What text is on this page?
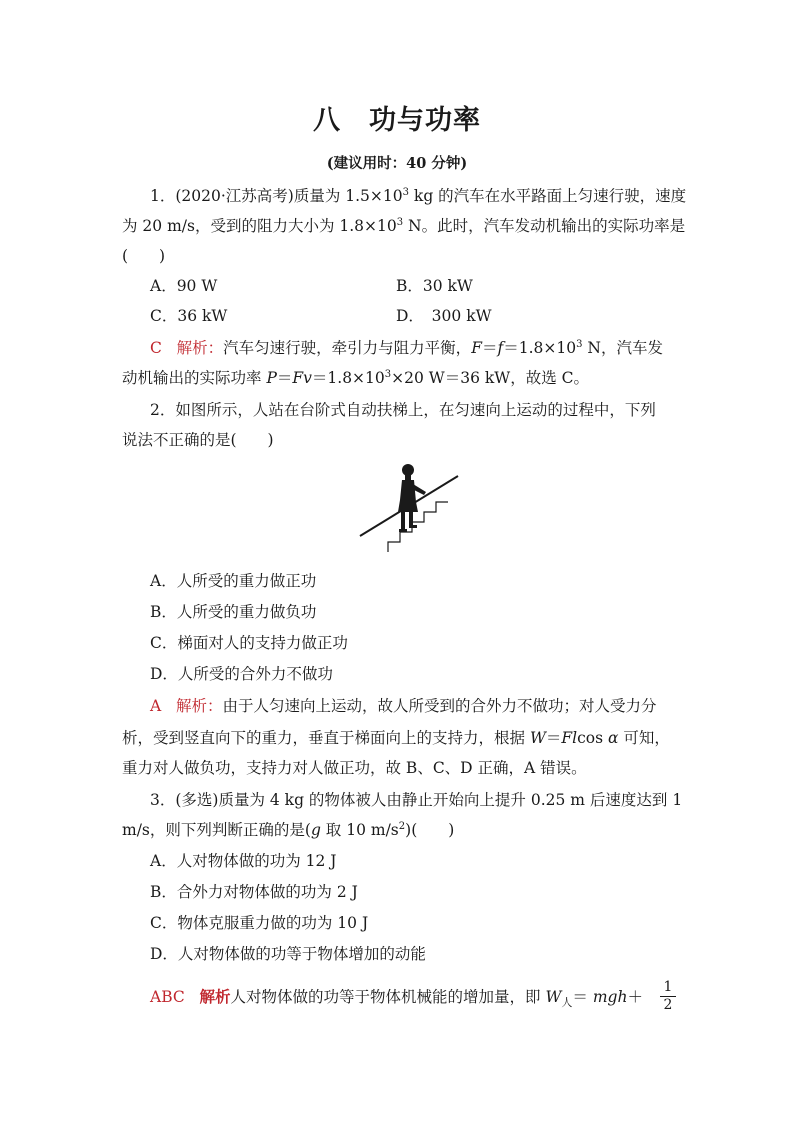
八　功与功率
(建议用时：40 分钟)
1．(2020·江苏高考)质量为 $1.5\times 10^3$ kg 的汽车在水平路面上匀速行驶，速度
为 20 m/s，受到的阻力大小为 $1.8\times 10^3$ N。此时，汽车发动机输出的实际功率是
(　　)
A．90 W	B．30 kW
C．36 kW	D．　300 kW
C 解析：汽车匀速行驶，牵引力与阻力平衡，$F=f=1.8\times 10^3$ N，汽车发
动机输出的实际功率 $P=Fv=1.8\times 10^3\times 20$ W＝36 kW，故选 C。
2．如图所示，人站在台阶式自动扶梯上，在匀速向上运动的过程中，下列
说法不正确的是(　　)
A．人所受的重力做正功
B．人所受的重力做负功
C．梯面对人的支持力做正功
D．人所受的合外力不做功
A 解析：由于人匀速向上运动，故人所受到的合外力不做功；对人受力分
析，受到竖直向下的重力，垂直于梯面向上的支持力，根据 W＝Flcos α 可知，
重力对人做负功，支持力对人做正功，故 B、C、D 正确，A 错误。
3．(多选)质量为 4 kg 的物体被人由静止开始向上提升 0.25 m 后速度达到 1
m/s，则下列判断正确的是(g 取 10 $m/s^2$)(　　)
A．人对物体做的功为 12 J
B．合外力对物体做的功为 2 J
C．物体克服重力做的功为 10 J
D．人对物体做的功等于物体增加的动能
ABC 解析人对物体做的功等于物体机械能的增加量，即 $W_人= mgh+$
1
2
